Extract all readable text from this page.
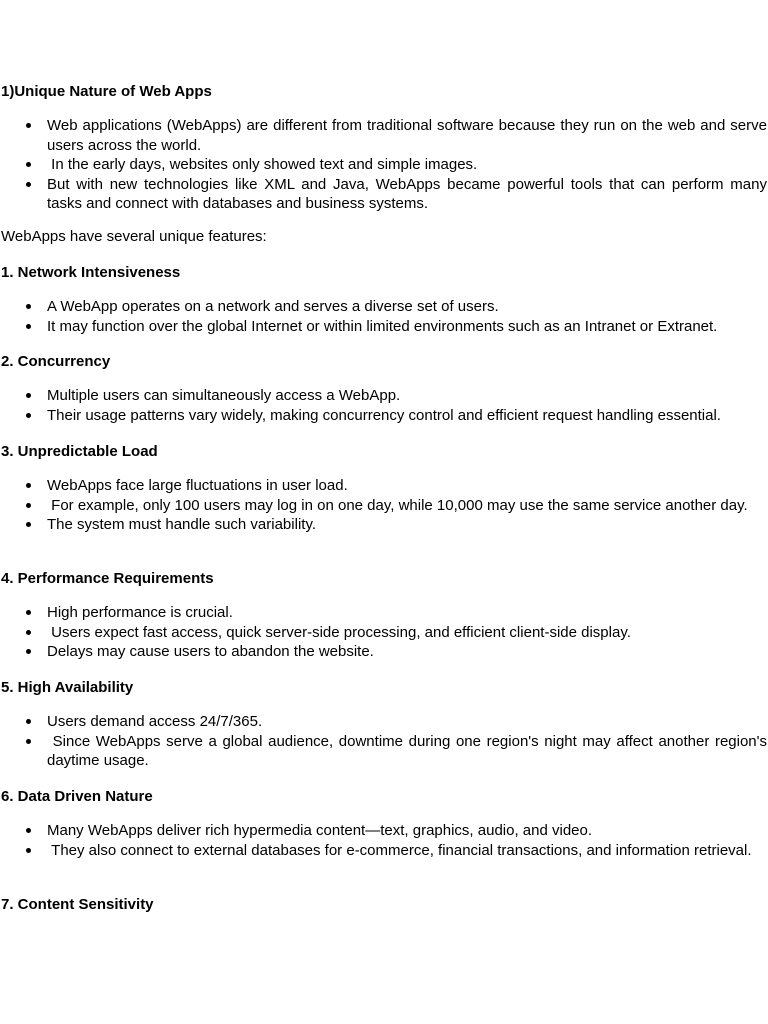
1)Unique Nature of Web Apps
Web applications (WebApps) are different from traditional software because they run on the web and serve users across the world.
In the early days, websites only showed text and simple images.
But with new technologies like XML and Java, WebApps became powerful tools that can perform many tasks and connect with databases and business systems.
WebApps have several unique features:
1. Network Intensiveness
A WebApp operates on a network and serves a diverse set of users.
It may function over the global Internet or within limited environments such as an Intranet or Extranet.
2. Concurrency
Multiple users can simultaneously access a WebApp.
Their usage patterns vary widely, making concurrency control and efficient request handling essential.
3. Unpredictable Load
WebApps face large fluctuations in user load.
For example, only 100 users may log in on one day, while 10,000 may use the same service another day.
The system must handle such variability.
4. Performance Requirements
High performance is crucial.
Users expect fast access, quick server-side processing, and efficient client-side display.
Delays may cause users to abandon the website.
5. High Availability
Users demand access 24/7/365.
Since WebApps serve a global audience, downtime during one region's night may affect another region's daytime usage.
6. Data Driven Nature
Many WebApps deliver rich hypermedia content—text, graphics, audio, and video.
They also connect to external databases for e-commerce, financial transactions, and information retrieval.
7. Content Sensitivity
